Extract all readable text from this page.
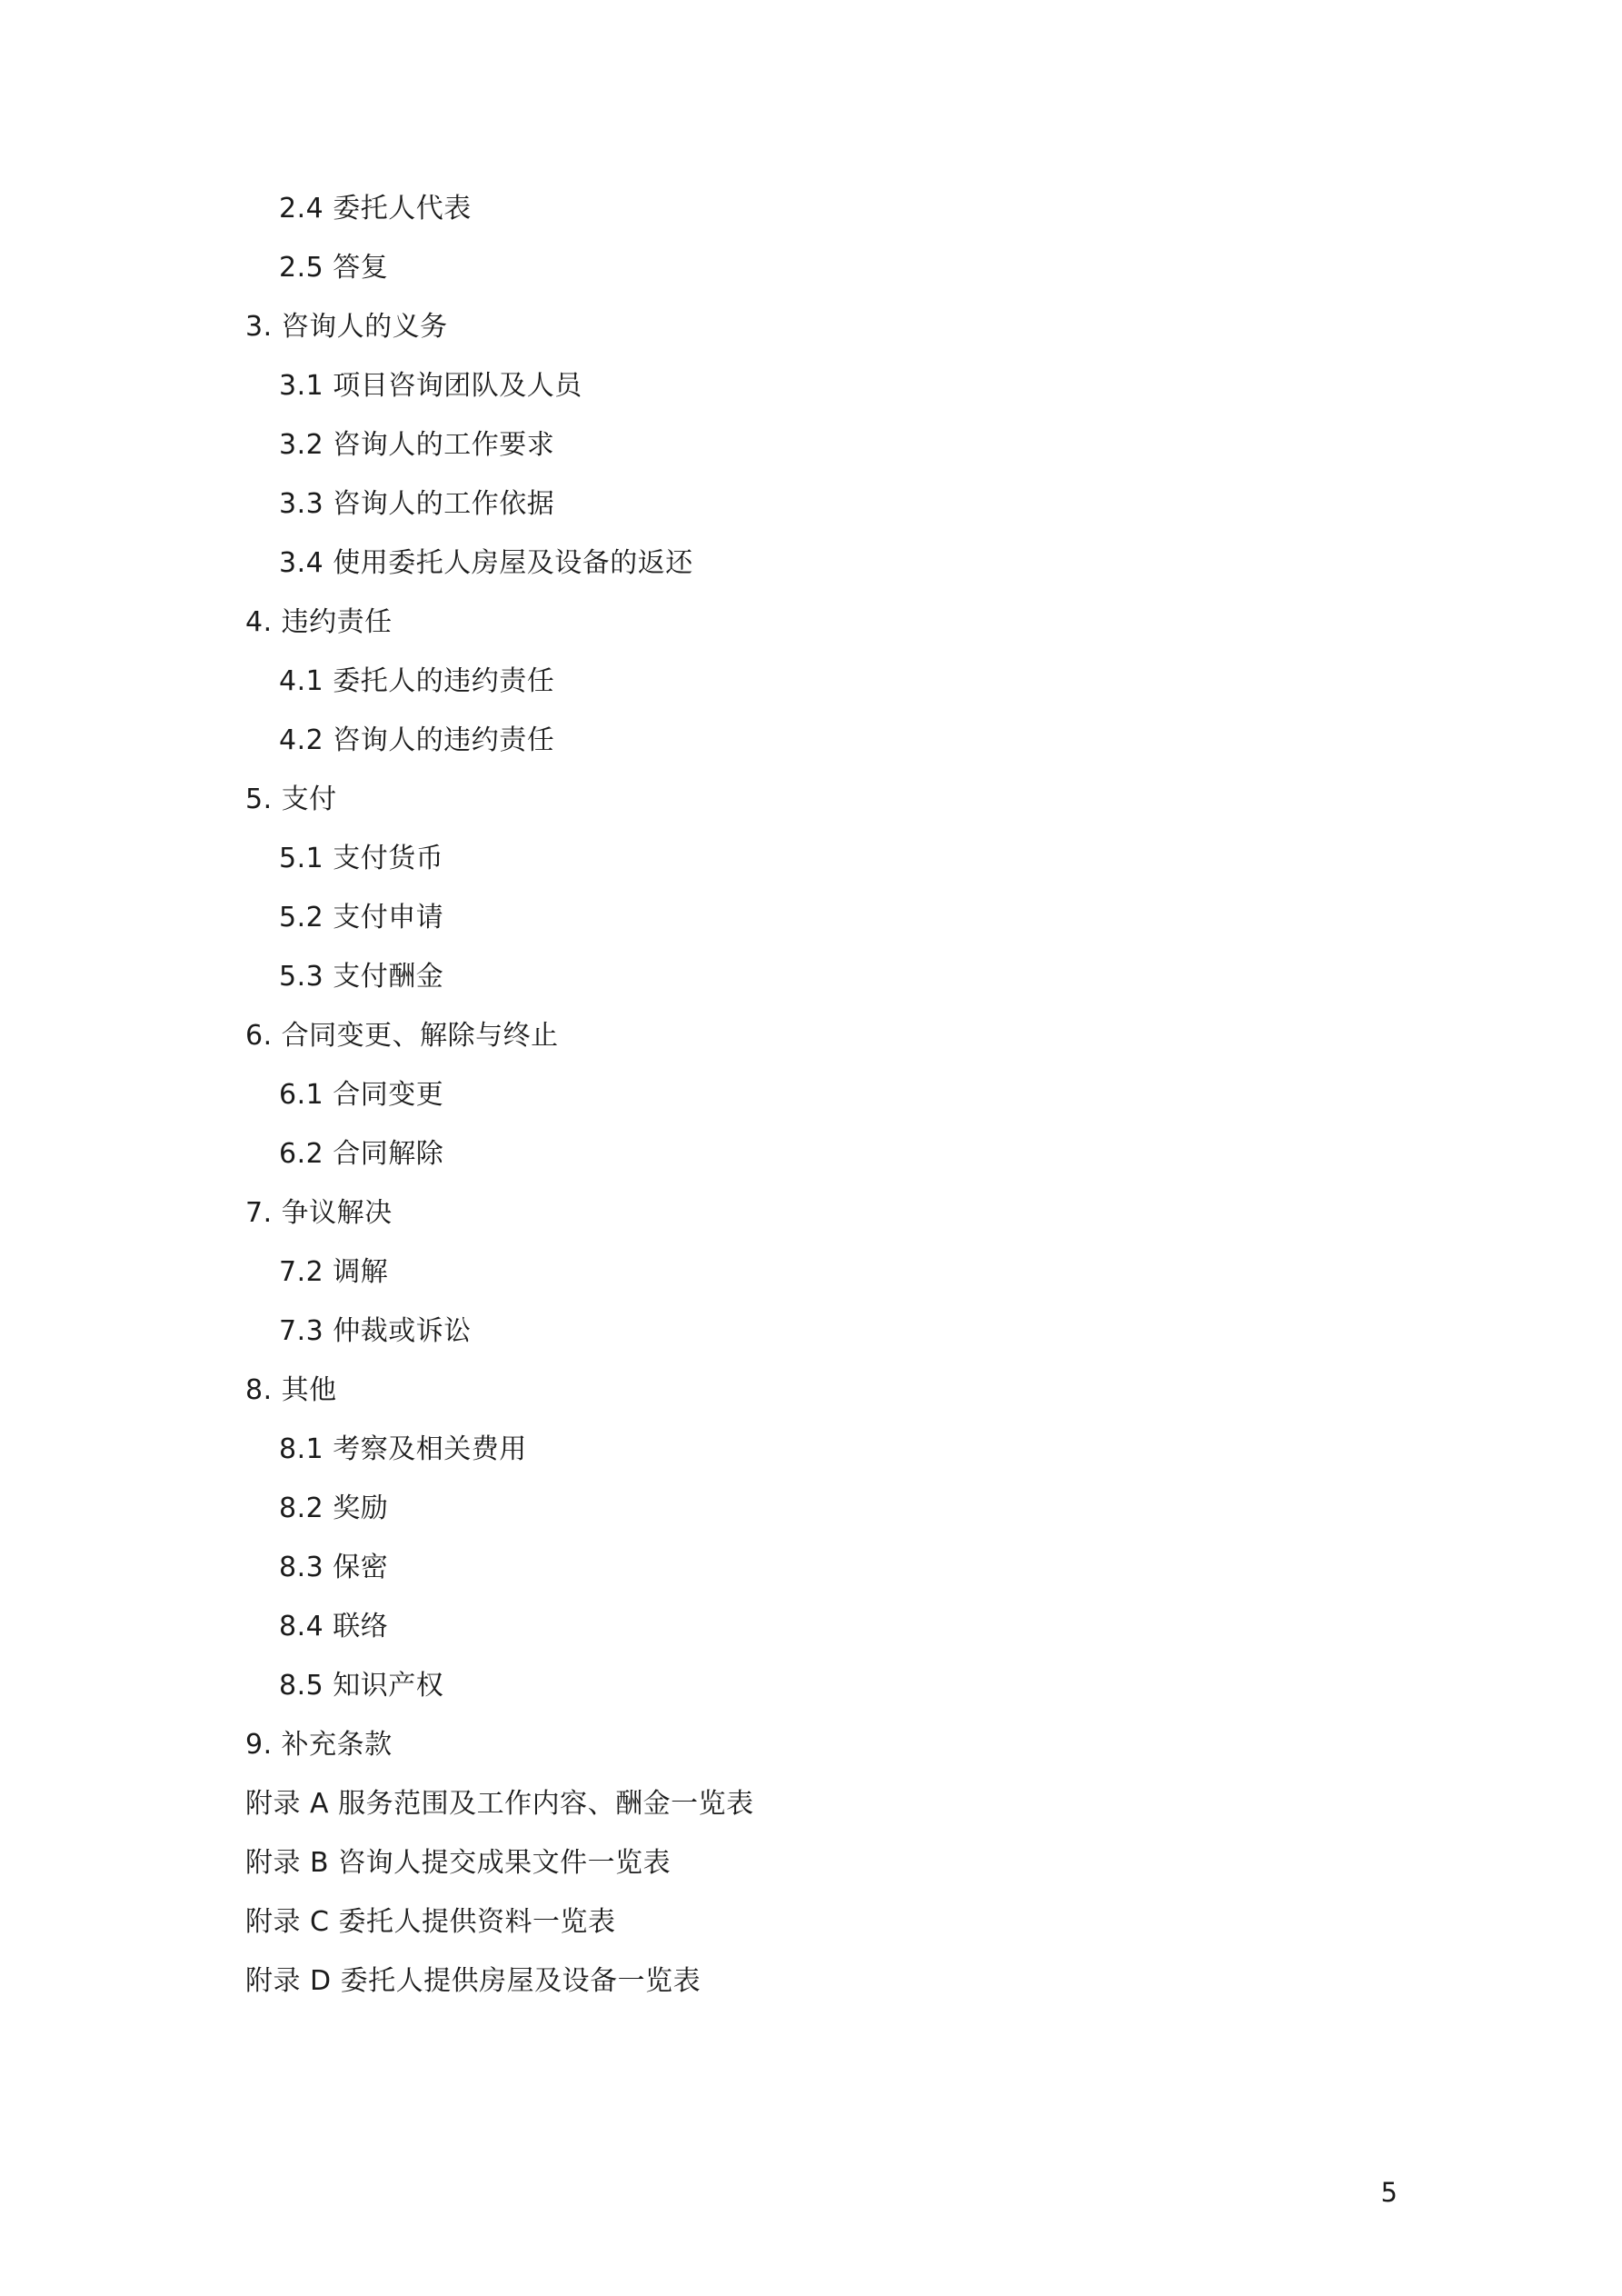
2.4 委托人代表
2.5 答复
3. 咨询人的义务
3.1 项目咨询团队及人员
3.2 咨询人的工作要求
3.3 咨询人的工作依据
3.4 使用委托人房屋及设备的返还
4. 违约责任
4.1 委托人的违约责任
4.2 咨询人的违约责任
5. 支付
5.1 支付货币
5.2 支付申请
5.3 支付酬金
6. 合同变更、解除与终止
6.1 合同变更
6.2 合同解除
7. 争议解决
7.2 调解
7.3 仲裁或诉讼
8. 其他
8.1 考察及相关费用
8.2 奖励
8.3 保密
8.4 联络
8.5 知识产权
9. 补充条款
附录 A 服务范围及工作内容、酬金一览表
附录 B 咨询人提交成果文件一览表
附录 C 委托人提供资料一览表
附录 D 委托人提供房屋及设备一览表
5
